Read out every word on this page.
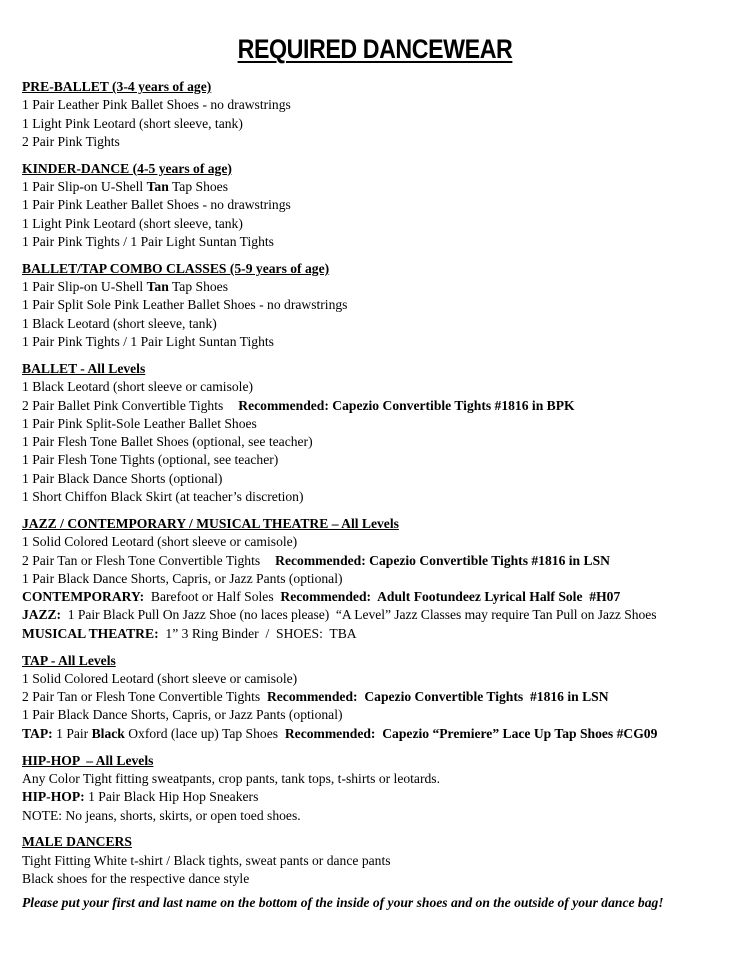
REQUIRED DANCEWEAR
PRE-BALLET (3-4 years of age)
1 Pair Leather Pink Ballet Shoes - no drawstrings
1 Light Pink Leotard (short sleeve, tank)
2 Pair Pink Tights
KINDER-DANCE (4-5 years of age)
1 Pair Slip-on U-Shell Tan Tap Shoes
1 Pair Pink Leather Ballet Shoes - no drawstrings
1 Light Pink Leotard (short sleeve, tank)
1 Pair Pink Tights / 1 Pair Light Suntan Tights
BALLET/TAP COMBO CLASSES (5-9 years of age)
1 Pair Slip-on U-Shell Tan Tap Shoes
1 Pair Split Sole Pink Leather Ballet Shoes - no drawstrings
1 Black Leotard (short sleeve, tank)
1 Pair Pink Tights / 1 Pair Light Suntan Tights
BALLET - All Levels
1 Black Leotard (short sleeve or camisole)
2 Pair Ballet Pink Convertible Tights Recommended: Capezio Convertible Tights #1816 in BPK
1 Pair Pink Split-Sole Leather Ballet Shoes
1 Pair Flesh Tone Ballet Shoes (optional, see teacher)
1 Pair Flesh Tone Tights (optional, see teacher)
1 Pair Black Dance Shorts (optional)
1 Short Chiffon Black Skirt (at teacher’s discretion)
JAZZ / CONTEMPORARY / MUSICAL THEATRE – All Levels
1 Solid Colored Leotard (short sleeve or camisole)
2 Pair Tan or Flesh Tone Convertible Tights Recommended: Capezio Convertible Tights #1816 in LSN
1 Pair Black Dance Shorts, Capris, or Jazz Pants (optional)
CONTEMPORARY:  Barefoot or Half Soles  Recommended:  Adult Footundeez Lyrical Half Sole  #H07
JAZZ:  1 Pair Black Pull On Jazz Shoe (no laces please)  “A Level” Jazz Classes may require Tan Pull on Jazz Shoes
MUSICAL THEATRE:  1” 3 Ring Binder  /  SHOES:  TBA
TAP - All Levels
1 Solid Colored Leotard (short sleeve or camisole)
2 Pair Tan or Flesh Tone Convertible Tights  Recommended:  Capezio Convertible Tights  #1816 in LSN
1 Pair Black Dance Shorts, Capris, or Jazz Pants (optional)
TAP: 1 Pair Black Oxford (lace up) Tap Shoes  Recommended:  Capezio “Premiere” Lace Up Tap Shoes #CG09
HIP-HOP  – All Levels
Any Color Tight fitting sweatpants, crop pants, tank tops, t-shirts or leotards.
HIP-HOP: 1 Pair Black Hip Hop Sneakers
NOTE: No jeans, shorts, skirts, or open toed shoes.
MALE DANCERS
Tight Fitting White t-shirt / Black tights, sweat pants or dance pants
Black shoes for the respective dance style
Please put your first and last name on the bottom of the inside of your shoes and on the outside of your dance bag!
